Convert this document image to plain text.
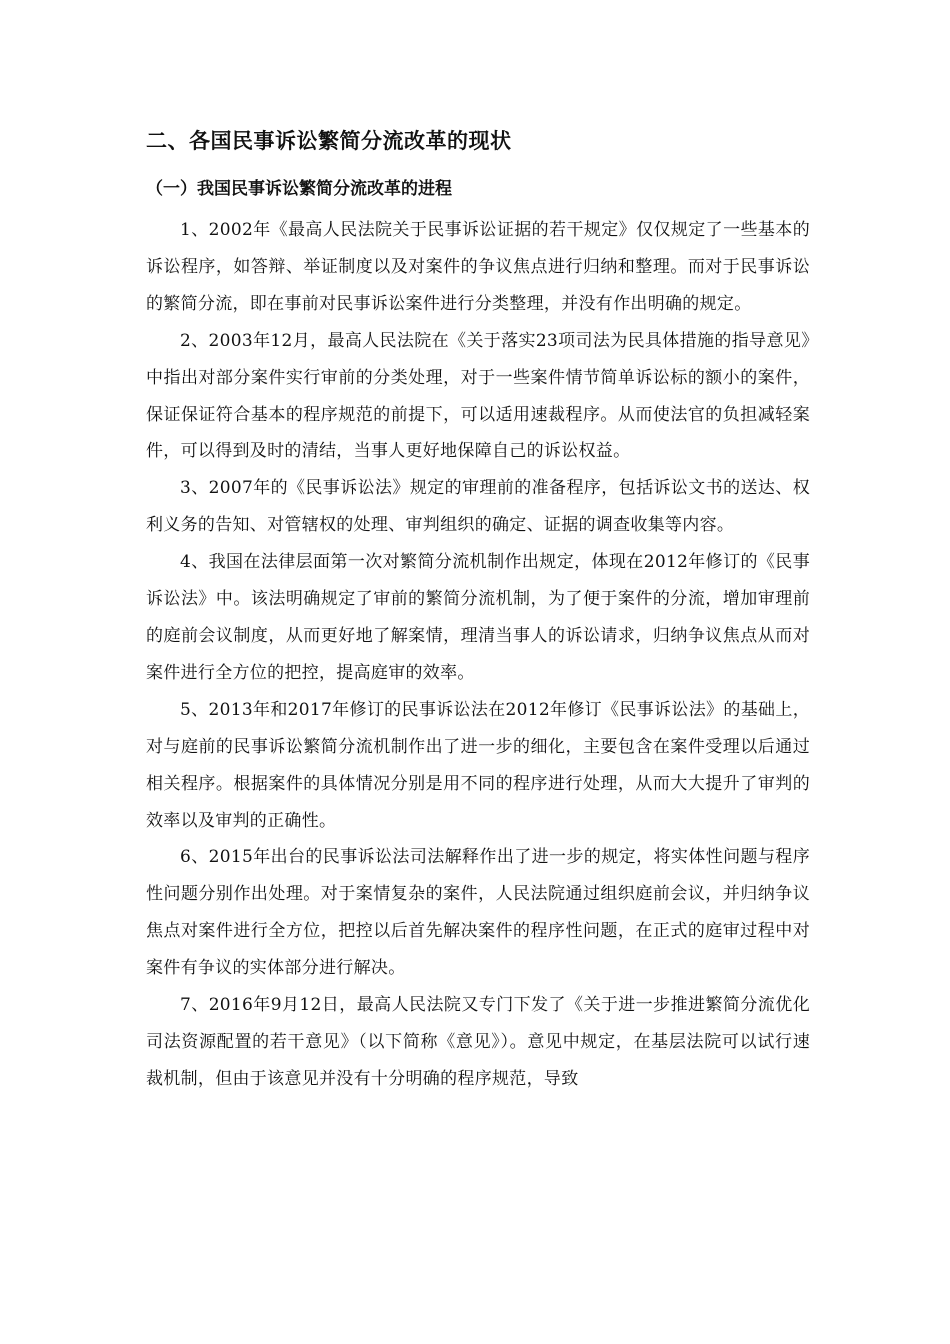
二、各国民事诉讼繁简分流改革的现状
（一）我国民事诉讼繁简分流改革的进程

1、2002年《最高人民法院关于民事诉讼证据的若干规定》仅仅规定了一些基本的诉讼程序，如答辩、举证制度以及对案件的争议焦点进行归纳和整理。而对于民事诉讼的繁简分流，即在事前对民事诉讼案件进行分类整理，并没有作出明确的规定。

2、2003年12月，最高人民法院在《关于落实23项司法为民具体措施的指导意见》中指出对部分案件实行审前的分类处理，对于一些案件情节简单诉讼标的额小的案件，保证保证符合基本的程序规范的前提下，可以适用速裁程序。从而使法官的负担减轻案件，可以得到及时的清结，当事人更好地保障自己的诉讼权益。

3、2007年的《民事诉讼法》规定的审理前的准备程序，包括诉讼文书的送达、权利义务的告知、对管辖权的处理、审判组织的确定、证据的调查收集等内容。

4、我国在法律层面第一次对繁简分流机制作出规定，体现在2012年修订的《民事诉讼法》中。该法明确规定了审前的繁简分流机制，为了便于案件的分流，增加审理前的庭前会议制度，从而更好地了解案情，理清当事人的诉讼请求，归纳争议焦点从而对案件进行全方位的把控，提高庭审的效率。

5、2013年和2017年修订的民事诉讼法在2012年修订《民事诉讼法》的基础上，对与庭前的民事诉讼繁简分流机制作出了进一步的细化，主要包含在案件受理以后通过相关程序。根据案件的具体情况分别是用不同的程序进行处理，从而大大提升了审判的效率以及审判的正确性。

6、2015年出台的民事诉讼法司法解释作出了进一步的规定，将实体性问题与程序性问题分别作出处理。对于案情复杂的案件，人民法院通过组织庭前会议，并归纳争议焦点对案件进行全方位，把控以后首先解决案件的程序性问题，在正式的庭审过程中对案件有争议的实体部分进行解决。

7、2016年9月12日，最高人民法院又专门下发了《关于进一步推进繁简分流优化司法资源配置的若干意见》（以下简称《意见》）。意见中规定，在基层法院可以试行速裁机制，但由于该意见并没有十分明确的程序规范，导致
